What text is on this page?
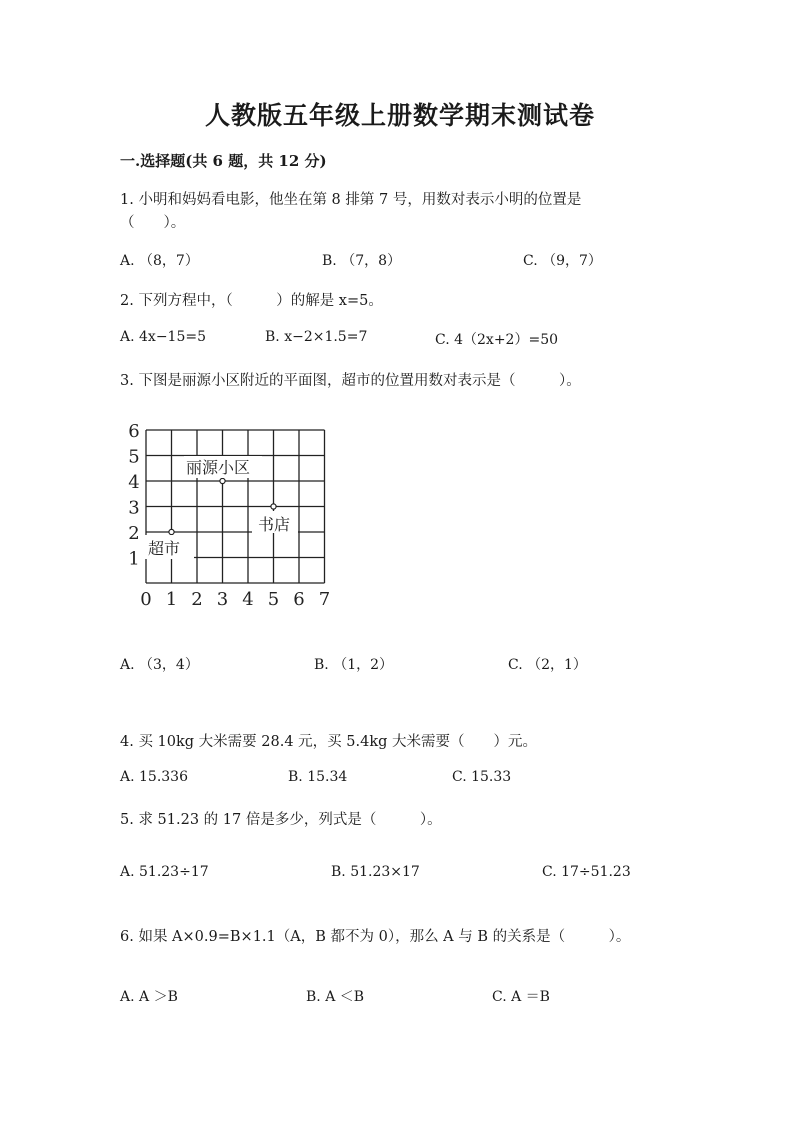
人教版五年级上册数学期末测试卷
一.选择题(共 6 题，共 12 分)
1. 小明和妈妈看电影，他坐在第 8 排第 7 号，用数对表示小明的位置是
（　　）。
A. （8，7）	B. （7，8）	C. （9，7）
2. 下列方程中，（　　　）的解是 x=5。
A. 4x−15=5	B. x−2×1.5=7	C. 4（2x+2）=50
3. 下图是丽源小区附近的平面图，超市的位置用数对表示是（　　　）。
0 1 2 3 4 5 6 7
1
2
3
4
5
6
丽源小区
书店
超市
A. （3，4）	B. （1，2）	C. （2，1）
4. 买 10kg 大米需要 28.4 元，买 5.4kg 大米需要（　　）元。
A. 15.336	B. 15.34	C. 15.33
5. 求 51.23 的 17 倍是多少，列式是（　　　）。
A. 51.23÷17	B. 51.23×17	C. 17÷51.23
6. 如果 A×0.9=B×1.1（A，B 都不为 0），那么 A 与 B 的关系是（　　　）。
A. A ＞B	B. A ＜B	C. A ＝B
